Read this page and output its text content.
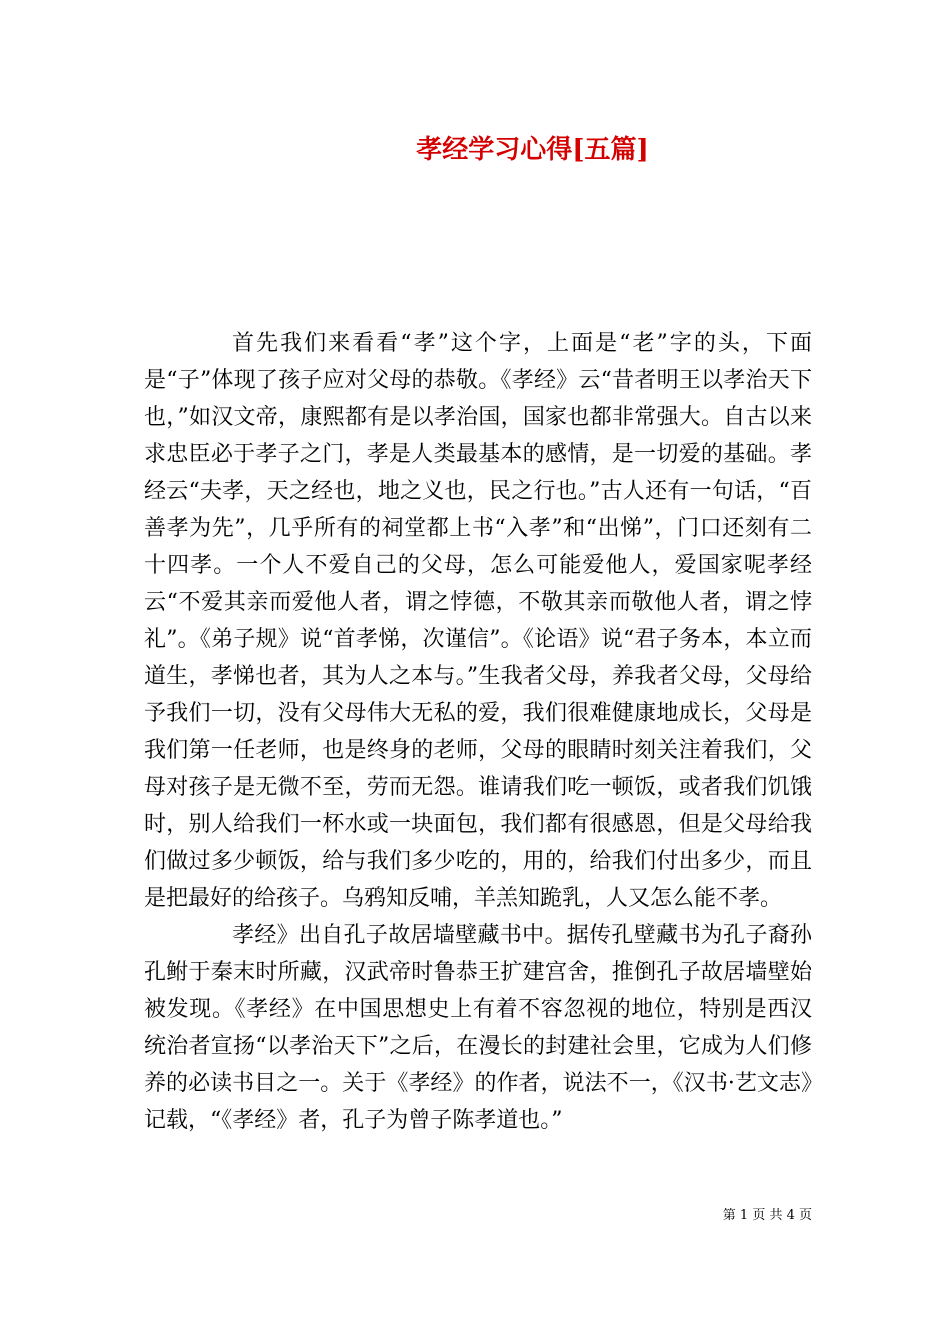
孝经学习心得[五篇]

首先我们来看看“孝”这个字，上面是“老”字的头，下面是“子”体现了孩子应对父母的恭敬。《孝经》云“昔者明王以孝治天下也，”如汉文帝，康熙都有是以孝治国，国家也都非常强大。自古以来求忠臣必于孝子之门，孝是人类最基本的感情，是一切爱的基础。孝经云“夫孝，天之经也，地之义也，民之行也。”古人还有一句话，“百善孝为先”，几乎所有的祠堂都上书“入孝”和“出悌”，门口还刻有二十四孝。一个人不爱自己的父母，怎么可能爱他人，爱国家呢孝经云“不爱其亲而爱他人者，谓之悖德，不敬其亲而敬他人者，谓之悖礼”。《弟子规》说“首孝悌，次谨信”。《论语》说“君子务本，本立而道生，孝悌也者，其为人之本与。”生我者父母，养我者父母，父母给予我们一切，没有父母伟大无私的爱，我们很难健康地成长，父母是我们第一任老师，也是终身的老师，父母的眼睛时刻关注着我们，父母对孩子是无微不至，劳而无怨。谁请我们吃一顿饭，或者我们饥饿时，别人给我们一杯水或一块面包，我们都有很感恩，但是父母给我们做过多少顿饭，给与我们多少吃的，用的，给我们付出多少，而且是把最好的给孩子。乌鸦知反哺，羊羔知跪乳，人又怎么能不孝。

孝经》出自孔子故居墙壁藏书中。据传孔壁藏书为孔子裔孙孔鲋于秦末时所藏，汉武帝时鲁恭王扩建宫舍，推倒孔子故居墙壁始被发现。《孝经》在中国思想史上有着不容忽视的地位，特别是西汉统治者宣扬“以孝治天下”之后，在漫长的封建社会里，它成为人们修养的必读书目之一。关于《孝经》的作者，说法不一，《汉书·艺文志》记载，“《孝经》者，孔子为曾子陈孝道也。”

第 1 页 共 4 页
